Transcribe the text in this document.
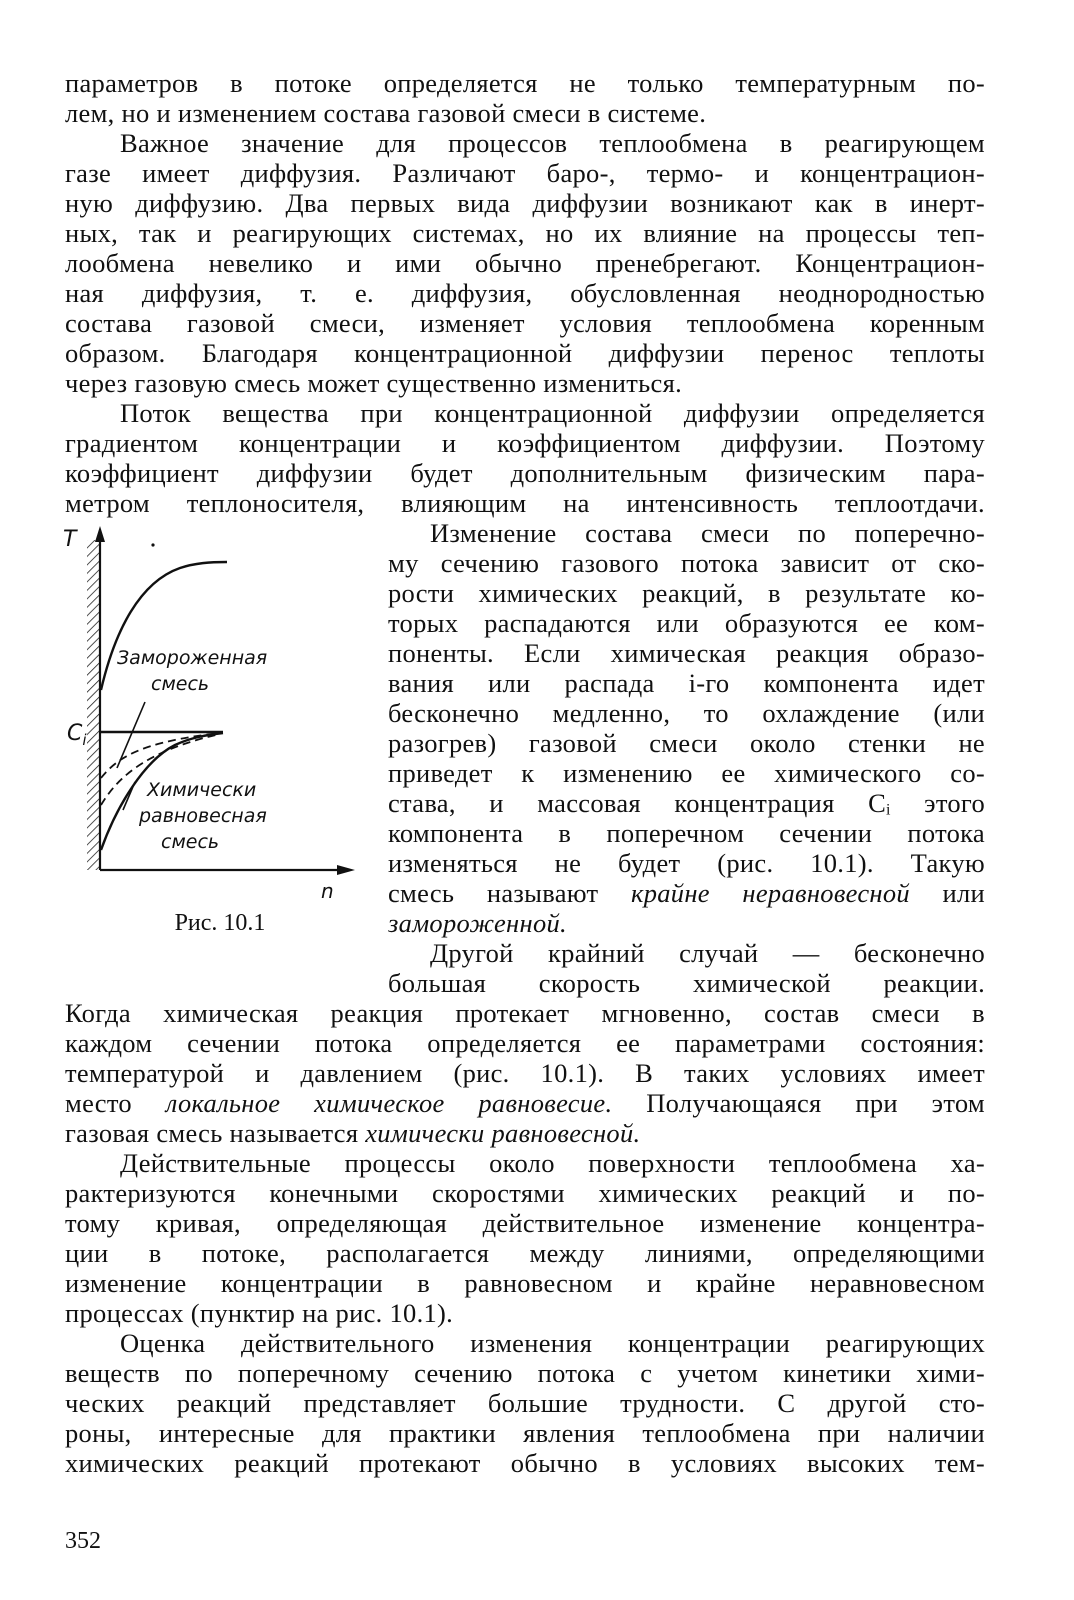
параметров в потоке определяется не только температурным по-
лем, но и изменением состава газовой смеси в системе.
Важное значение для процессов теплообмена в реагирующем
газе имеет диффузия. Различают баро-, термо- и концентрацион-
ную диффузию. Два первых вида диффузии возникают как в инерт-
ных, так и реагирующих системах, но их влияние на процессы теп-
лообмена невелико и ими обычно пренебрегают. Концентрацион-
ная диффузия, т. е. диффузия, обусловленная неоднородностью
состава газовой смеси, изменяет условия теплообмена коренным
образом. Благодаря концентрационной диффузии перенос теплоты
через газовую смесь может существенно измениться.
Поток вещества при концентрационной диффузии определяется
градиентом концентрации и коэффициентом диффузии. Поэтому
коэффициент диффузии будет дополнительным физическим пара-
метром теплоносителя, влияющим на интенсивность теплоотдачи.
Изменение состава смеси по поперечно-
му сечению газового потока зависит от ско-
рости химических реакций, в результате ко-
торых распадаются или образуются ее ком-
поненты. Если химическая реакция образо-
вания или распада i-го компонента идет
бесконечно медленно, то охлаждение (или
разогрев) газовой смеси около стенки не
приведет к изменению ее химического со-
става, и массовая концентрация Cᵢ этого
компонента в поперечном сечении потока
изменяться не будет (рис. 10.1). Такую
смесь называют крайне неравновесной или
замороженной.
Другой крайний случай — бесконечно
большая скорость химической реакции.
Когда химическая реакция протекает мгновенно, состав смеси в
каждом сечении потока определяется ее параметрами состояния:
температурой и давлением (рис. 10.1). В таких условиях имеет
место локальное химическое равновесие. Получающаяся при этом
газовая смесь называется химически равновесной.
Действительные процессы около поверхности теплообмена ха-
рактеризуются конечными скоростями химических реакций и по-
тому кривая, определяющая действительное изменение концентра-
ции в потоке, располагается между линиями, определяющими
изменение концентрации в равновесном и крайне неравновесном
процессах (пунктир на рис. 10.1).
Оценка действительного изменения концентрации реагирующих
веществ по поперечному сечению потока с учетом кинетики хими-
ческих реакций представляет большие трудности. С другой сто-
роны, интересные для практики явления теплообмена при наличии
химических реакций протекают обычно в условиях высоких тем-
T
n
$C_i$
Замороженная
смесь
Химически
равновесная
смесь
Рис. 10.1
352
